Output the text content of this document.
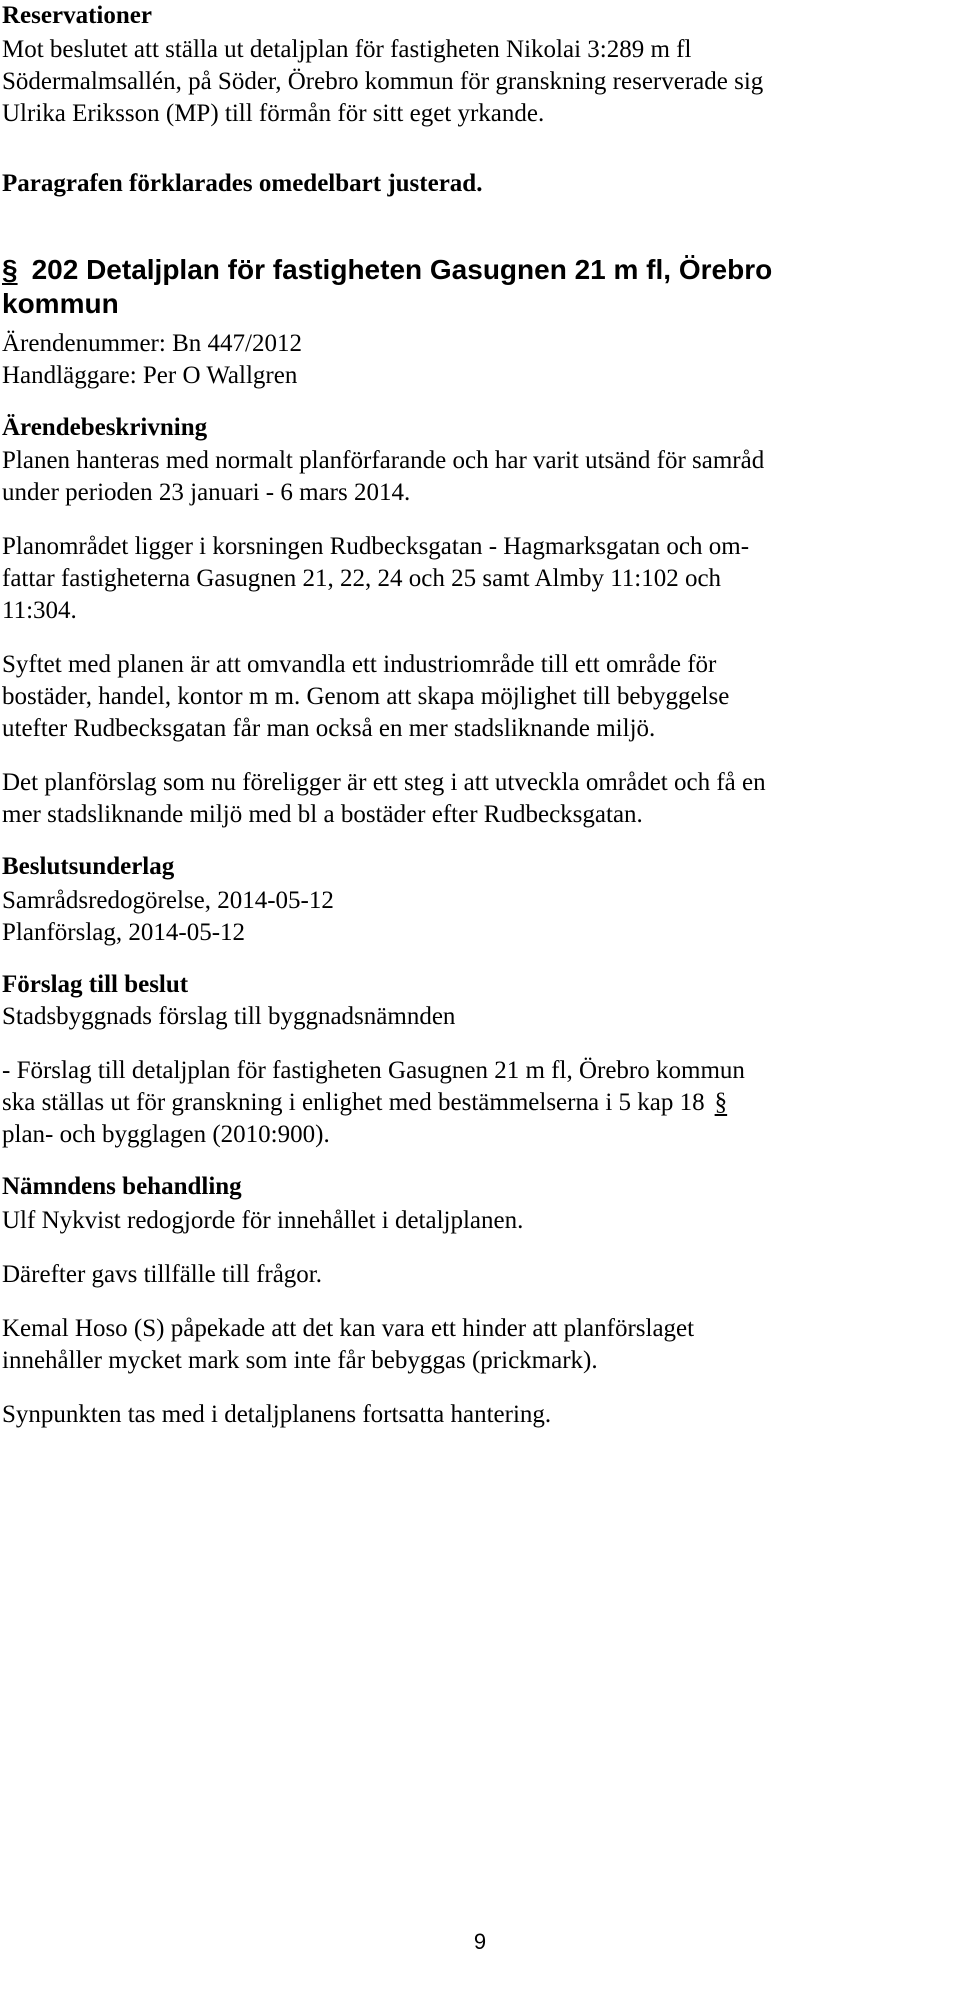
Reservationer
Mot beslutet att ställa ut detaljplan för fastigheten Nikolai 3:289 m fl
Södermalmsallén, på Söder, Örebro kommun för granskning reserverade sig
Ulrika Eriksson (MP) till förmån för sitt eget yrkande.
Paragrafen förklarades omedelbart justerad.
§ 202 Detaljplan för fastigheten Gasugnen 21 m fl, Örebro
kommun
Ärendenummer: Bn 447/2012
Handläggare: Per O Wallgren
Ärendebeskrivning
Planen hanteras med normalt planförfarande och har varit utsänd för samråd
under perioden 23 januari - 6 mars 2014.
Planområdet ligger i korsningen Rudbecksgatan - Hagmarksgatan och om-
fattar fastigheterna Gasugnen 21, 22, 24 och 25 samt Almby 11:102 och
11:304.
Syftet med planen är att omvandla ett industriområde till ett område för
bostäder, handel, kontor m m. Genom att skapa möjlighet till bebyggelse
utefter Rudbecksgatan får man också en mer stadsliknande miljö.
Det planförslag som nu föreligger är ett steg i att utveckla området och få en
mer stadsliknande miljö med bl a bostäder efter Rudbecksgatan.
Beslutsunderlag
Samrådsredogörelse, 2014-05-12
Planförslag, 2014-05-12
Förslag till beslut
Stadsbyggnads förslag till byggnadsnämnden
- Förslag till detaljplan för fastigheten Gasugnen 21 m fl, Örebro kommun
ska ställas ut för granskning i enlighet med bestämmelserna i 5 kap 18 §
plan- och bygglagen (2010:900).
Nämndens behandling
Ulf Nykvist redogjorde för innehållet i detaljplanen.
Därefter gavs tillfälle till frågor.
Kemal Hoso (S) påpekade att det kan vara ett hinder att planförslaget
innehåller mycket mark som inte får bebyggas (prickmark).
Synpunkten tas med i detaljplanens fortsatta hantering.
9
